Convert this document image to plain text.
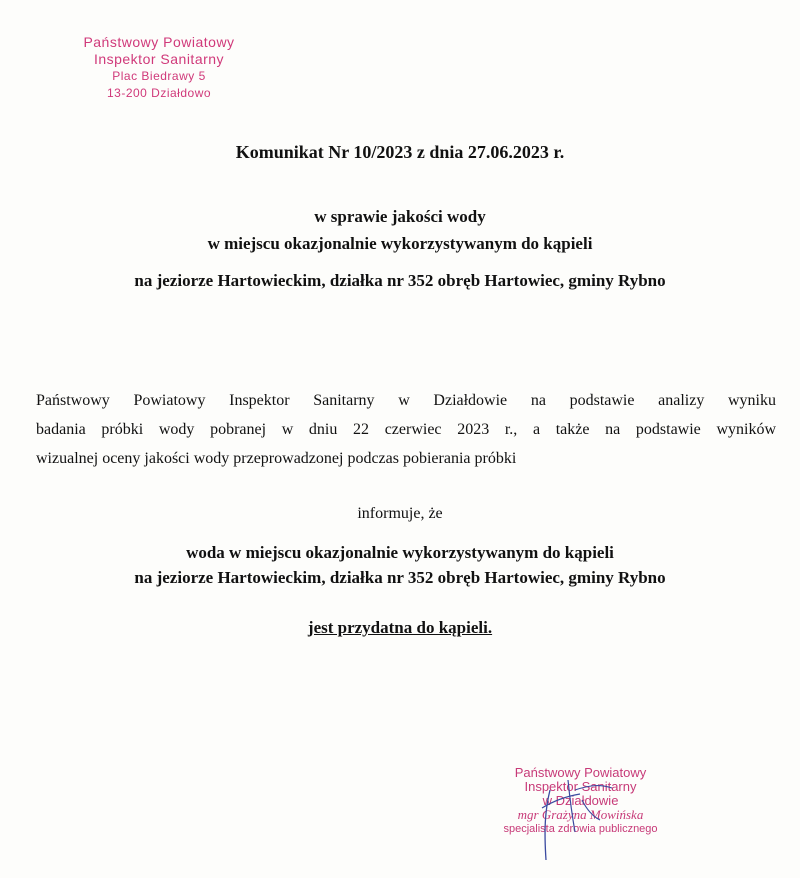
Państwowy Powiatowy
Inspektor Sanitarny
Plac Biedrawy 5
13-200 Działdowo
Komunikat Nr 10/2023 z dnia 27.06.2023 r.
w sprawie jakości wody
w miejscu okazjonalnie wykorzystywanym do kąpieli
na jeziorze Hartowieckim, działka nr 352 obręb Hartowiec, gminy Rybno

Państwowy Powiatowy Inspektor Sanitarny w Działdowie na podstawie analizy wyniku

badania próbki wody pobranej w dniu 22 czerwiec 2023 r., a także na podstawie wyników

wizualnej oceny jakości wody przeprowadzonej podczas pobierania próbki

informuje, że
woda w miejscu okazjonalnie wykorzystywanym do kąpieli
na jeziorze Hartowieckim, działka nr 352 obręb Hartowiec, gminy Rybno
jest przydatna do kąpieli.
Państwowy Powiatowy
Inspektor Sanitarny
w Działdowie
mgr Grażyna Mowińska
specjalista zdrowia publicznego
